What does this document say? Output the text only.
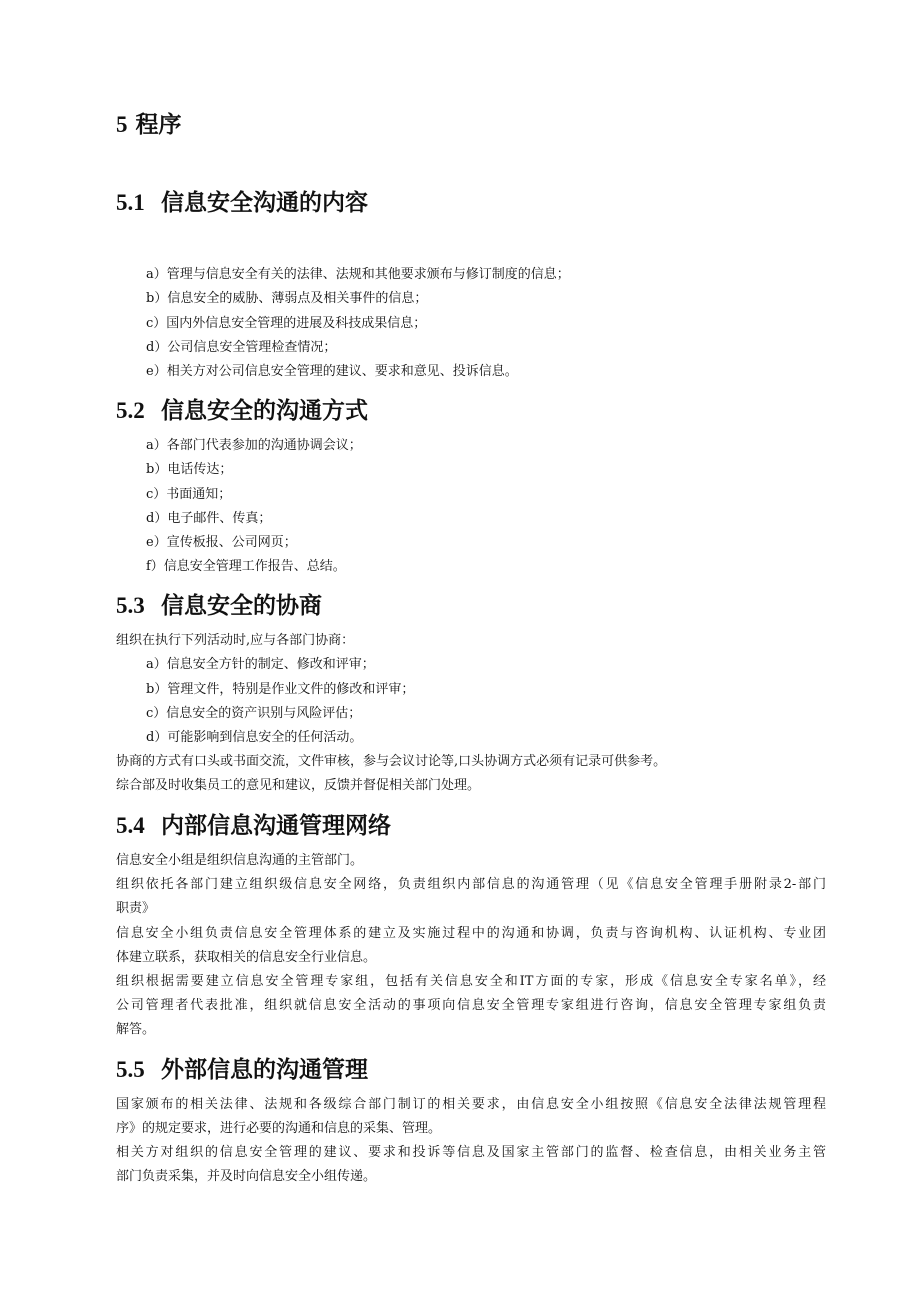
5 程序
5.1 信息安全沟通的内容

a）管理与信息安全有关的法律、法规和其他要求颁布与修订制度的信息；

b）信息安全的威胁、薄弱点及相关事件的信息；

c）国内外信息安全管理的进展及科技成果信息；

d）公司信息安全管理检查情况；

e）相关方对公司信息安全管理的建议、要求和意见、投诉信息。

5.2 信息安全的沟通方式

a）各部门代表参加的沟通协调会议；

b）电话传达；

c）书面通知；

d）电子邮件、传真；

e）宣传板报、公司网页；

f）信息安全管理工作报告、总结。

5.3 信息安全的协商

组织在执行下列活动时,应与各部门协商：

a）信息安全方针的制定、修改和评审；

b）管理文件，特别是作业文件的修改和评审；

c）信息安全的资产识别与风险评估；

d）可能影响到信息安全的任何活动。

协商的方式有口头或书面交流，文件审核，参与会议讨论等,口头协调方式必须有记录可供参考。

综合部及时收集员工的意见和建议，反馈并督促相关部门处理。

5.4 内部信息沟通管理网络

信息安全小组是组织信息沟通的主管部门。

组织依托各部门建立组织级信息安全网络，负责组织内部信息的沟通管理（见《信息安全管理手册附录2-部门

职责》

信息安全小组负责信息安全管理体系的建立及实施过程中的沟通和协调，负责与咨询机构、认证机构、专业团

体建立联系，获取相关的信息安全行业信息。

组织根据需要建立信息安全管理专家组，包括有关信息安全和IT方面的专家，形成《信息安全专家名单》，经

公司管理者代表批准，组织就信息安全活动的事项向信息安全管理专家组进行咨询，信息安全管理专家组负责

解答。

5.5 外部信息的沟通管理

国家颁布的相关法律、法规和各级综合部门制订的相关要求，由信息安全小组按照《信息安全法律法规管理程

序》的规定要求，进行必要的沟通和信息的采集、管理。

相关方对组织的信息安全管理的建议、要求和投诉等信息及国家主管部门的监督、检查信息，由相关业务主管

部门负责采集，并及时向信息安全小组传递。
